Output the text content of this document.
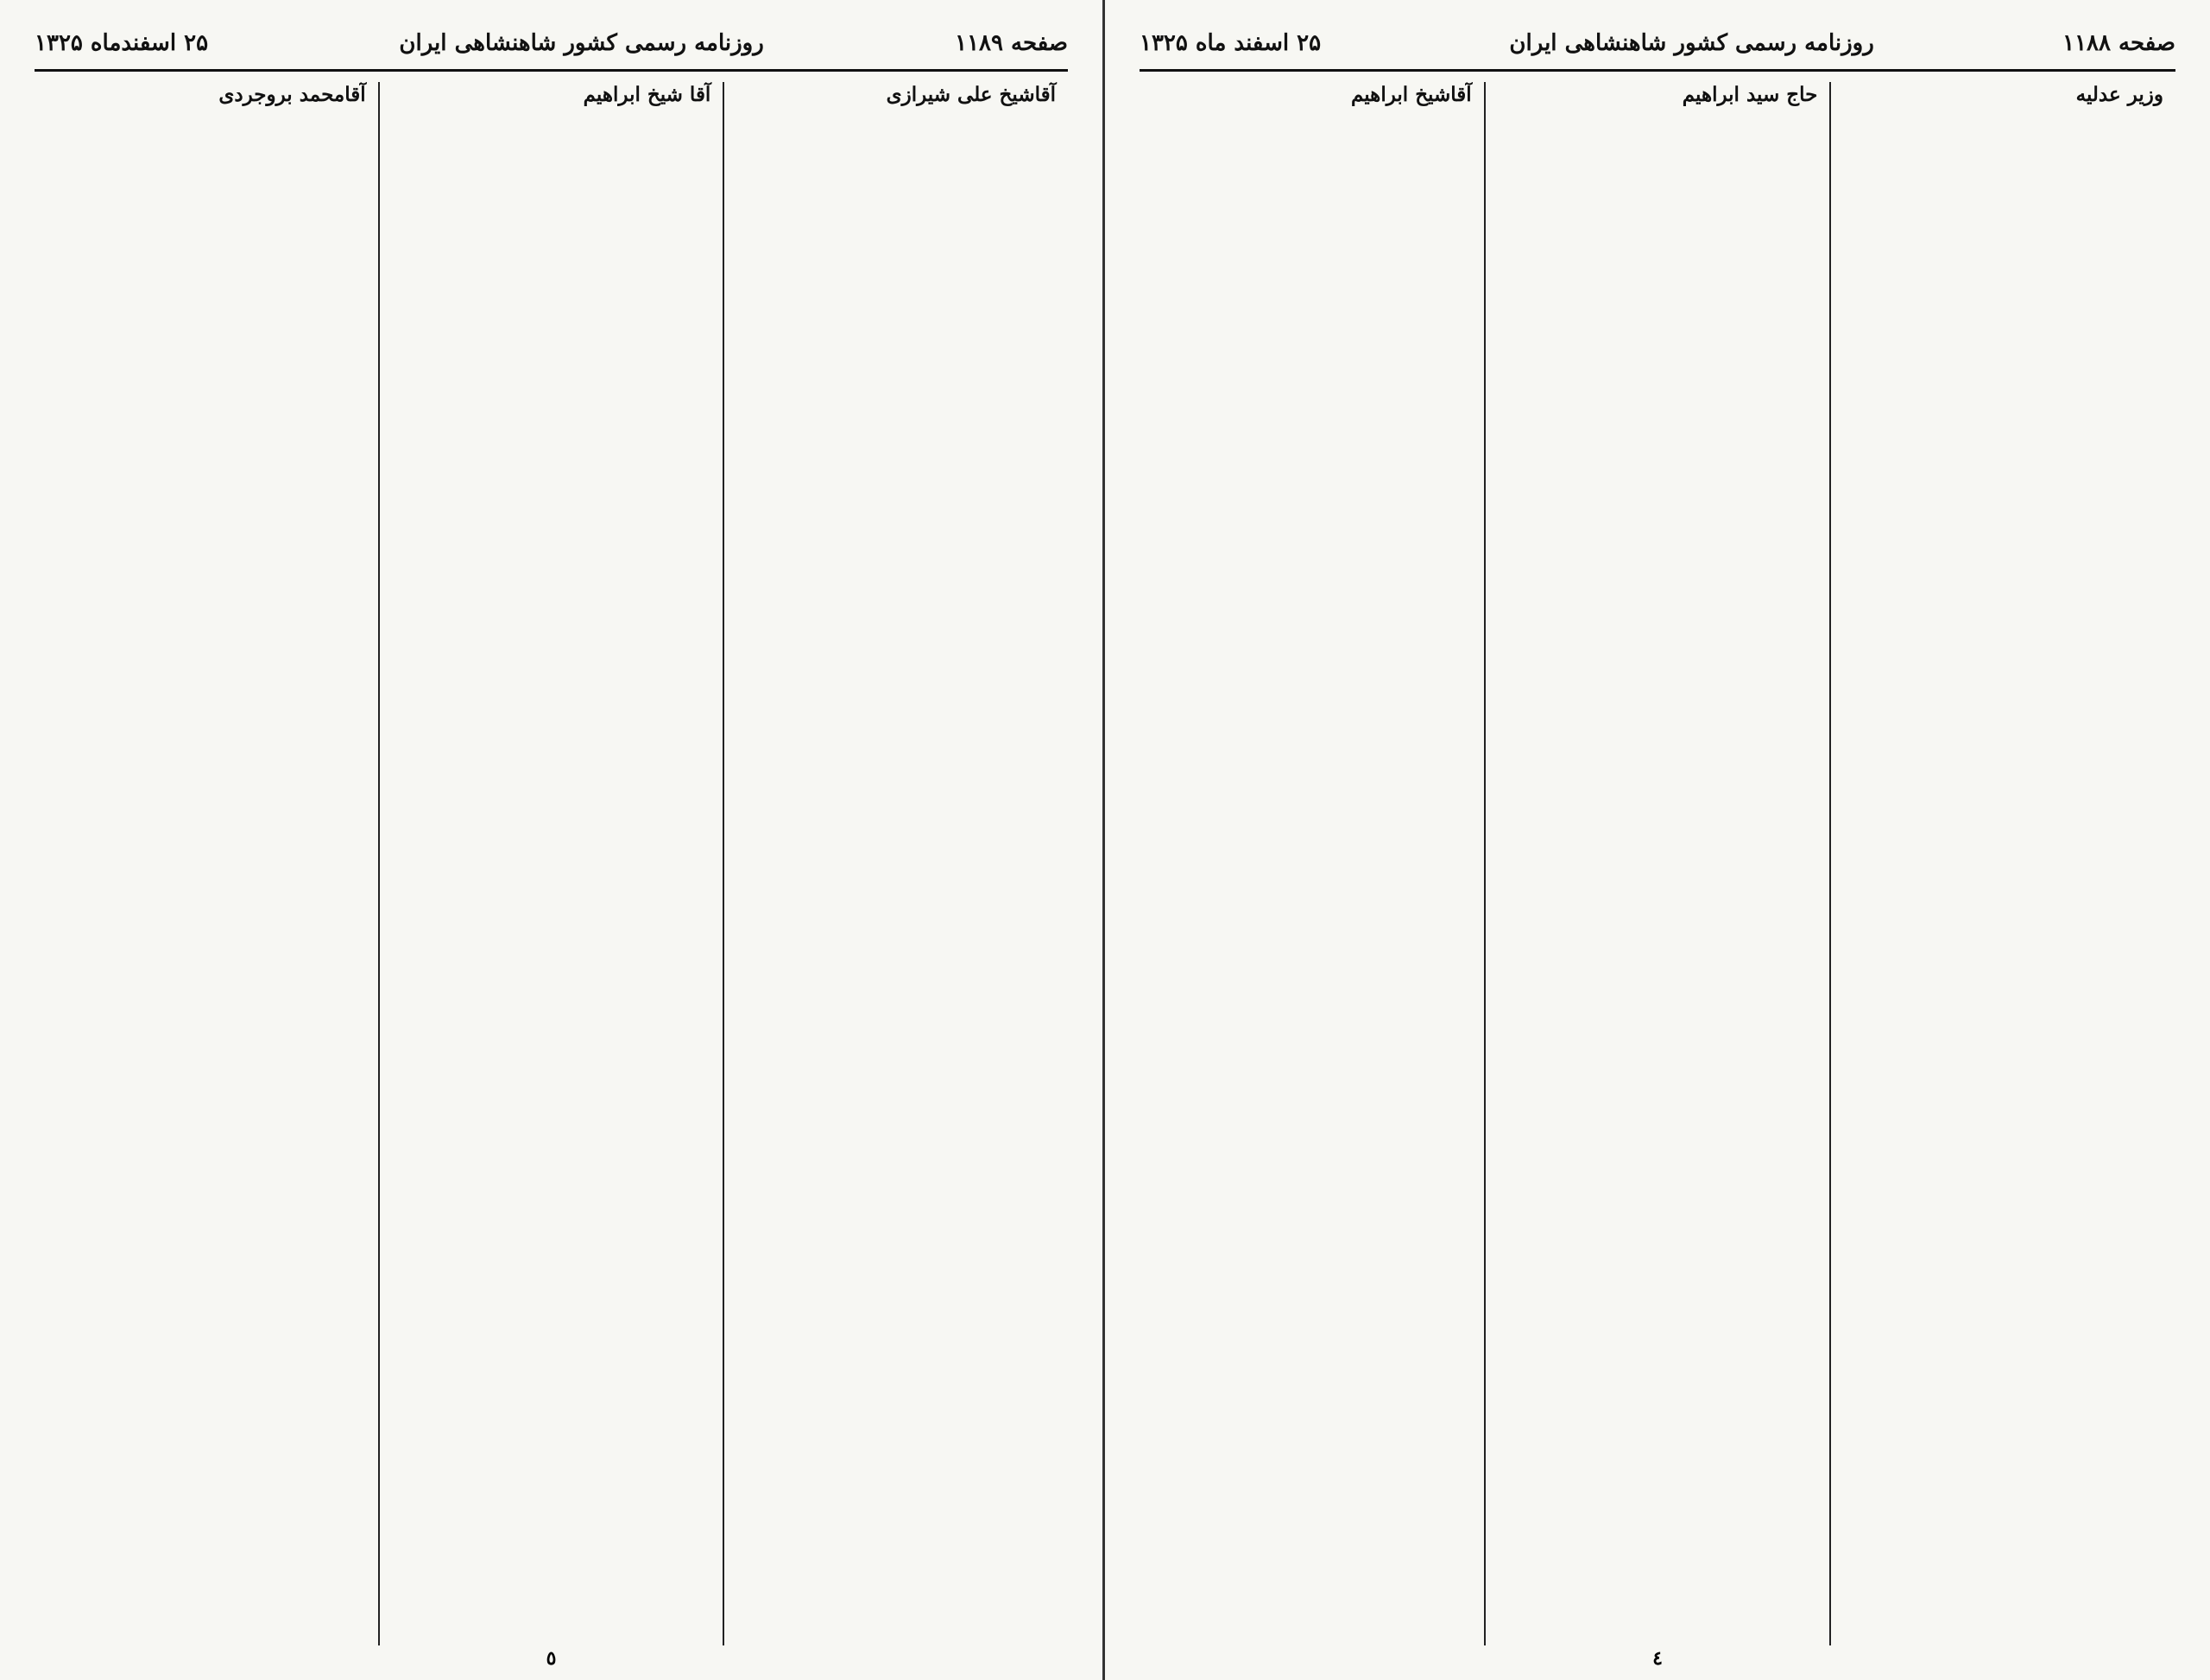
صفحه ۱۱۸۹
روزنامه رسمی کشور شاهنشاهی ایران
۲۵ اسفندماه ۱۳۲۵

آقاشیخ علی شیرازی

آقا شیخ ابراهیم

آقامحمد بروجردی

٥
صفحه ۱۱۸۸
روزنامه رسمی کشور شاهنشاهی ایران
۲۵ اسفند ماه ۱۳۲۵

وزیر عدلیه

حاج سید ابراهیم

آقاشیخ ابراهیم

٤
